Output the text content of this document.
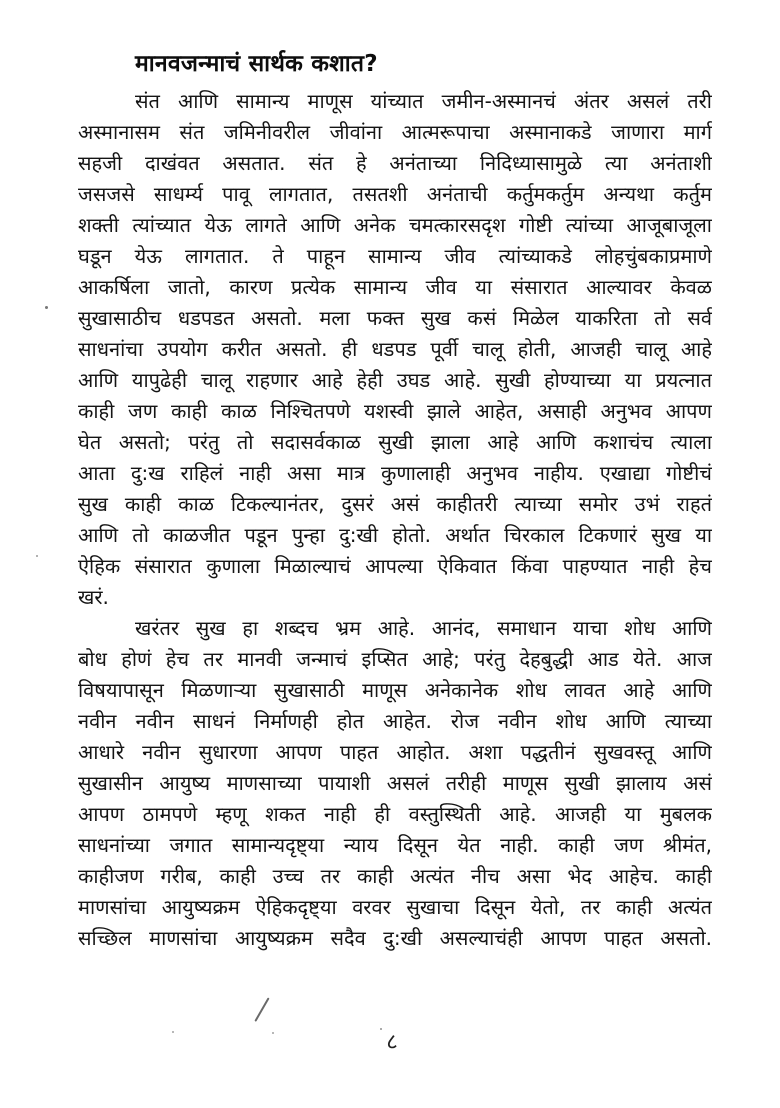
मानवजन्माचं सार्थक कशात?
संत आणि सामान्य माणूस यांच्यात जमीन-अस्मानचं अंतर असलं तरी
अस्मानासम संत जमिनीवरील जीवांना आत्मरूपाचा अस्मानाकडे जाणारा मार्ग
सहजी दाखंवत असतात. संत हे अनंताच्या निदिध्यासामुळे त्या अनंताशी
जसजसे साधर्म्य पावू लागतात, तसतशी अनंताची कर्तुमकर्तुम अन्यथा कर्तुम
शक्ती त्यांच्यात येऊ लागते आणि अनेक चमत्कारसदृश गोष्टी त्यांच्या आजूबाजूला
घडून येऊ लागतात. ते पाहून सामान्य जीव त्यांच्याकडे लोहचुंबकाप्रमाणे
आकर्षिला जातो, कारण प्रत्येक सामान्य जीव या संसारात आल्यावर केवळ
सुखासाठीच धडपडत असतो. मला फक्त सुख कसं मिळेल याकरिता तो सर्व
साधनांचा उपयोग करीत असतो. ही धडपड पूर्वी चालू होती, आजही चालू आहे
आणि यापुढेही चालू राहणार आहे हेही उघड आहे. सुखी होण्याच्या या प्रयत्नात
काही जण काही काळ निश्चितपणे यशस्वी झाले आहेत, असाही अनुभव आपण
घेत असतो; परंतु तो सदासर्वकाळ सुखी झाला आहे आणि कशाचंच त्याला
आता दु:ख राहिलं नाही असा मात्र कुणालाही अनुभव नाहीय. एखाद्या गोष्टीचं
सुख काही काळ टिकल्यानंतर, दुसरं असं काहीतरी त्याच्या समोर उभं राहतं
आणि तो काळजीत पडून पुन्हा दु:खी होतो. अर्थात चिरकाल टिकणारं सुख या
ऐहिक संसारात कुणाला मिळाल्याचं आपल्या ऐकिवात किंवा पाहण्यात नाही हेच
खरं.
खरंतर सुख हा शब्दच भ्रम आहे. आनंद, समाधान याचा शोध आणि
बोध होणं हेच तर मानवी जन्माचं इप्सित आहे; परंतु देहबुद्धी आड येते. आज
विषयापासून मिळणाऱ्या सुखासाठी माणूस अनेकानेक शोध लावत आहे आणि
नवीन नवीन साधनं निर्माणही होत आहेत. रोज नवीन शोध आणि त्याच्या
आधारे नवीन सुधारणा आपण पाहत आहोत. अशा पद्धतीनं सुखवस्तू आणि
सुखासीन आयुष्य माणसाच्या पायाशी असलं तरीही माणूस सुखी झालाय असं
आपण ठामपणे म्हणू शकत नाही ही वस्तुस्थिती आहे. आजही या मुबलक
साधनांच्या जगात सामान्यदृष्ट्या न्याय दिसून येत नाही. काही जण श्रीमंत,
काहीजण गरीब, काही उच्च तर काही अत्यंत नीच असा भेद आहेच. काही
माणसांचा आयुष्यक्रम ऐहिकदृष्ट्या वरवर सुखाचा दिसून येतो, तर काही अत्यंत
सच्छिल माणसांचा आयुष्यक्रम सदैव दु:खी असल्याचंही आपण पाहत असतो.
८
